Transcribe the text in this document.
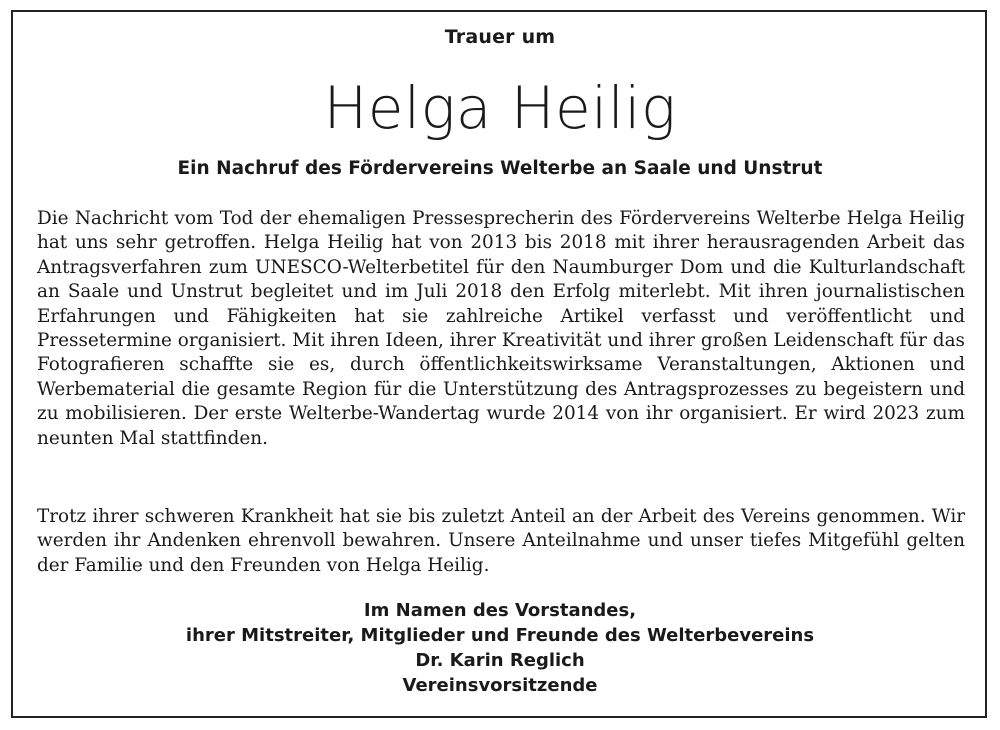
Trauer um
Helga Heilig
Ein Nachruf des Fördervereins Welterbe an Saale und Unstrut
Die Nachricht vom Tod der ehemaligen Pressesprecherin des Fördervereins Welterbe Helga Heilig hat uns sehr getroffen. Helga Heilig hat von 2013 bis 2018 mit ihrer herausragenden Arbeit das Antragsverfahren zum UNESCO-Welterbetitel für den Naumburger Dom und die Kulturlandschaft an Saale und Unstrut begleitet und im Juli 2018 den Erfolg miterlebt. Mit ihren journalistischen Erfahrungen und Fähigkeiten hat sie zahlreiche Artikel verfasst und veröffentlicht und Pressetermine organisiert. Mit ihren Ideen, ihrer Kreativität und ihrer großen Leidenschaft für das Fotografieren schaffte sie es, durch öffentlichkeitswirksame Veranstaltungen, Aktionen und Werbematerial die gesamte Region für die Unterstützung des Antragsprozesses zu begeistern und zu mobilisieren. Der erste Welterbe-Wandertag wurde 2014 von ihr organisiert. Er wird 2023 zum neunten Mal stattfinden.
Trotz ihrer schweren Krankheit hat sie bis zuletzt Anteil an der Arbeit des Vereins genommen. Wir werden ihr Andenken ehrenvoll bewahren. Unsere Anteilnahme und unser tiefes Mitgefühl gelten der Familie und den Freunden von Helga Heilig.
Im Namen des Vorstandes,
ihrer Mitstreiter, Mitglieder und Freunde des Welterbevereins
Dr. Karin Reglich
Vereinsvorsitzende
